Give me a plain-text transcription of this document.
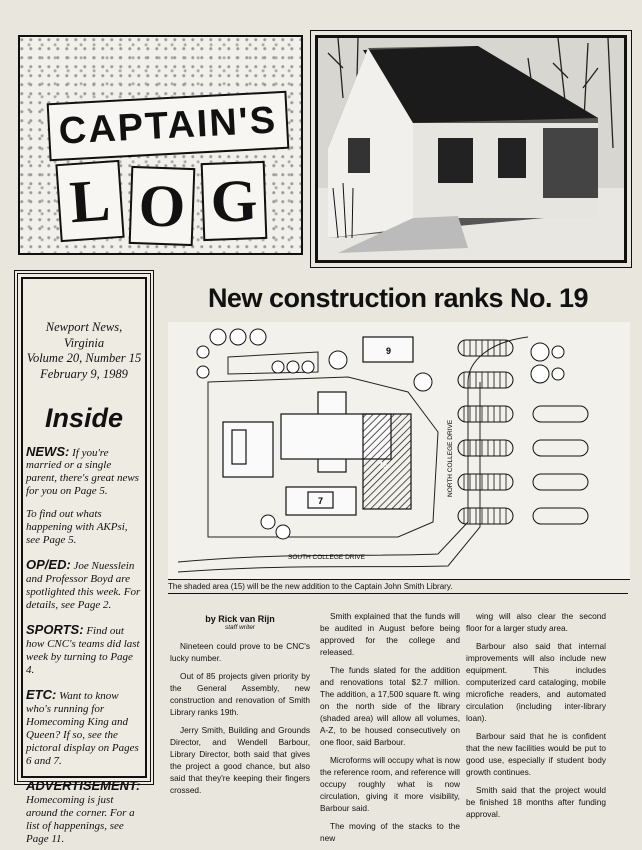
CAPTAIN'S
L O G
Newport News, Virginia
Volume 20, Number 15
February 9, 1989
Inside
NEWS: If you're married or a single parent, there's great news for you on Page 5.
To find out whats happening with AKPsi, see Page 5.
OP/ED: Joe Nuesslein and Professor Boyd are spotlighted this week. For details, see Page 2.
SPORTS: Find out how CNC's teams did last week by turning to Page 4.
ETC: Want to know who's running for Homecoming King and Queen? If so, see the pictoral display on Pages 6 and 7.
ADVERTISEMENT: Homecoming is just around the corner. For a list of happenings, see Page 11.
New construction ranks No. 19
9
15
7
SOUTH COLLEGE DRIVE
NORTH COLLEGE DRIVE
The shaded area (15) will be the new addition to the Captain John Smith Library.
by Rick van Rijn
staff writer

Nineteen could prove to be CNC's lucky number.

Out of 85 projects given priority by the General Assembly, new construction and renovation of Smith Library ranks 19th.

Jerry Smith, Building and Grounds Director, and Wendell Barbour, Library Director, both said that gives the project a good chance, but also said that they're keeping their fingers crossed.

Smith explained that the funds will be audited in August before being approved for the college and released.

The funds slated for the addition and renovations total $2.7 million. The addition, a 17,500 square ft. wing on the north side of the library (shaded area) will allow all volumes, A-Z, to be housed consecutively on one floor, said Barbour.

Microforms will occupy what is now the reference room, and reference will occupy roughly what is now circulation, giving it more visibility, Barbour said.

The moving of the stacks to the new

wing will also clear the second floor for a larger study area.

Barbour also said that internal improvements will also include new equipment. This includes computerized card cataloging, mobile microfiche readers, and automated circulation (including inter-library loan).

Barbour said that he is confident that the new facilities would be put to good use, especially if student body growth continues.

Smith said that the project would be finished 18 months after funding approval.
